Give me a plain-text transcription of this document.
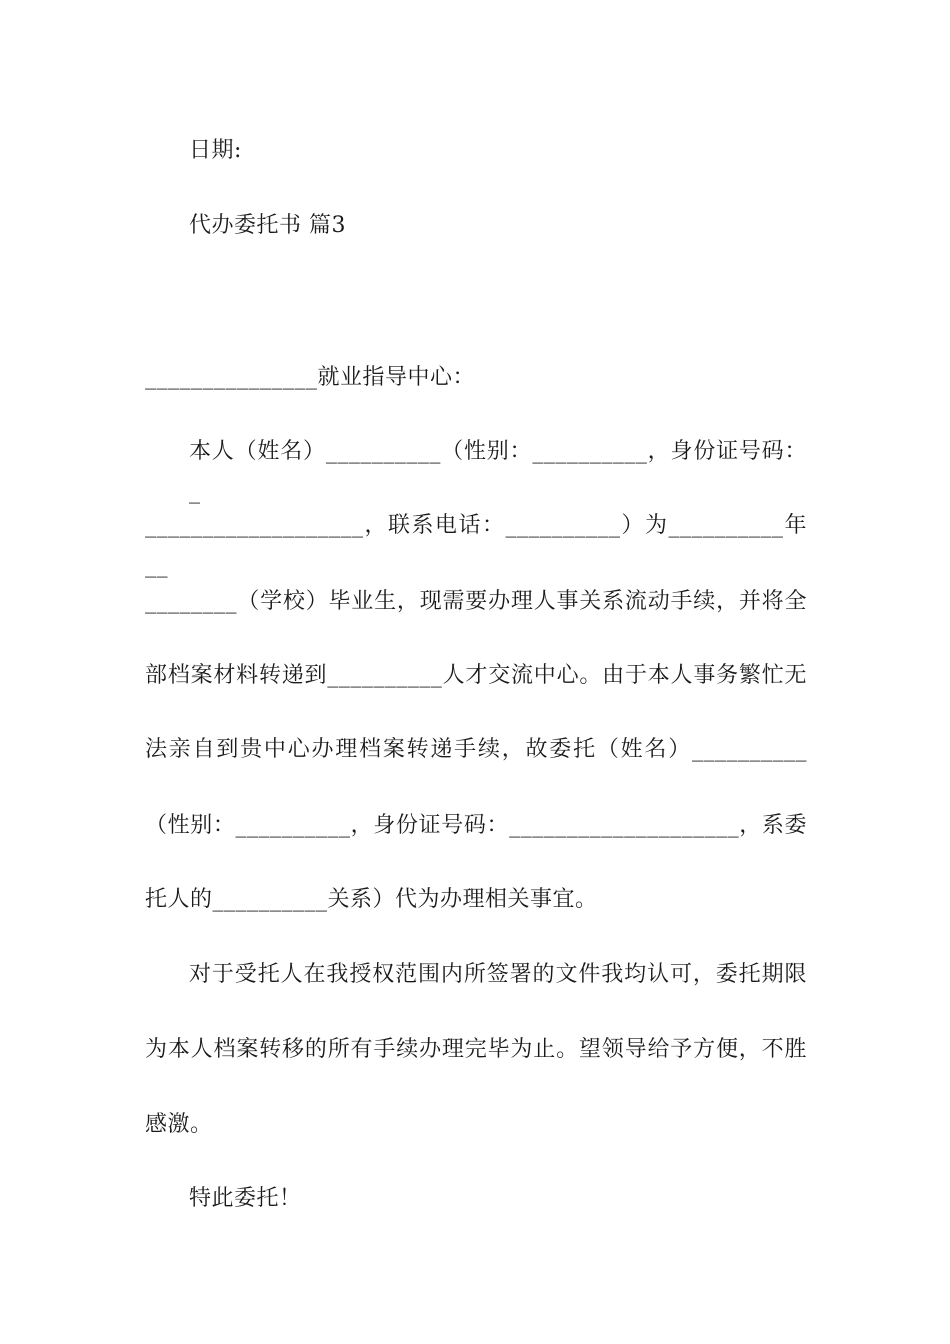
日期:
代办委托书 篇3
_______________就业指导中心：
本人（姓名）__________（性别：__________，身份证号码：_
___________________，联系电话：__________）为__________年__
________（学校）毕业生，现需要办理人事关系流动手续，并将全
部档案材料转递到__________人才交流中心。由于本人事务繁忙无
法亲自到贵中心办理档案转递手续，故委托（姓名）__________
（性别：__________，身份证号码：____________________，系委
托人的__________关系）代为办理相关事宜。
对于受托人在我授权范围内所签署的文件我均认可，委托期限
为本人档案转移的所有手续办理完毕为止。望领导给予方便，不胜
感激。
特此委托！
